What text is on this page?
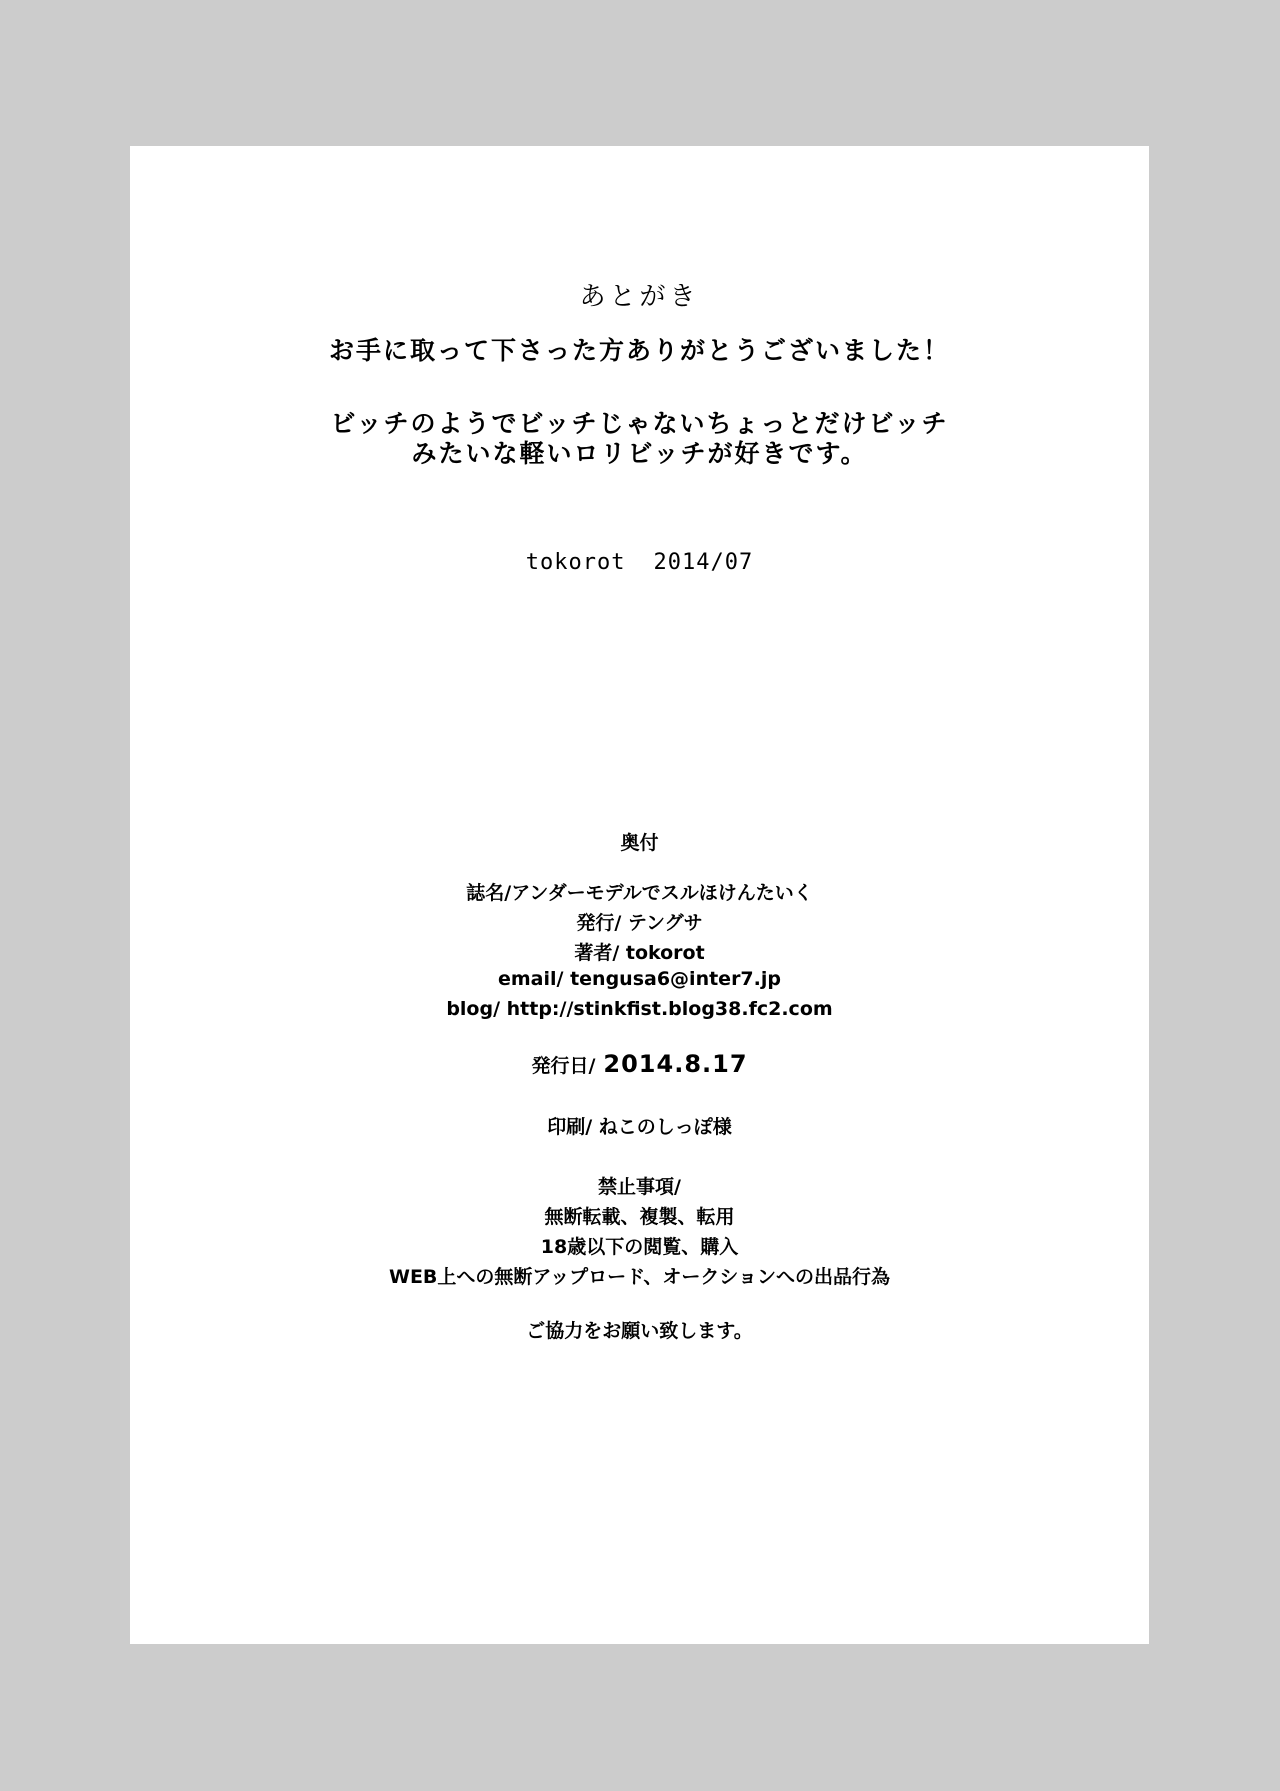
あとがき
お手に取って下さった方ありがとうございました！
ビッチのようでビッチじゃないちょっとだけビッチ
みたいな軽いロリビッチが好きです。
tokorot 2014/07
奥付
誌名/アンダーモデルでスルほけんたいく
発行/ テングサ
著者/ tokorot
email/ tengusa6@inter7.jp
blog/ http://stinkfist.blog38.fc2.com
発行日/ 2014.8.17
印刷/ ねこのしっぽ様
禁止事項/
無断転載、複製、転用
18歳以下の閲覧、購入
WEB上への無断アップロード、オークションへの出品行為
ご協力をお願い致します。
